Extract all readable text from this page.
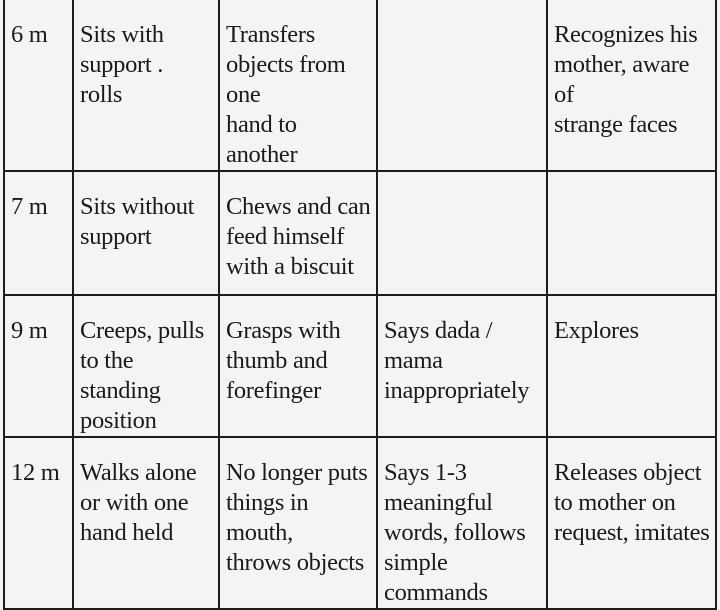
6 m	Sits with
support .
rolls	Transfers
objects from one
hand to another		Recognizes his
mother, aware of
strange faces

7 m	Sits without
support	Chews and can
feed himself
with a biscuit		

9 m	Creeps, pulls
to the standing
position	Grasps with
thumb and
forefinger	Says dada / mama
inappropriately	Explores

12 m	Walks alone
or with one
hand held	No longer puts
things in mouth,
throws objects	Says 1-3
meaningful
words, follows
simple commands	Releases object
to mother on
request, imitates
